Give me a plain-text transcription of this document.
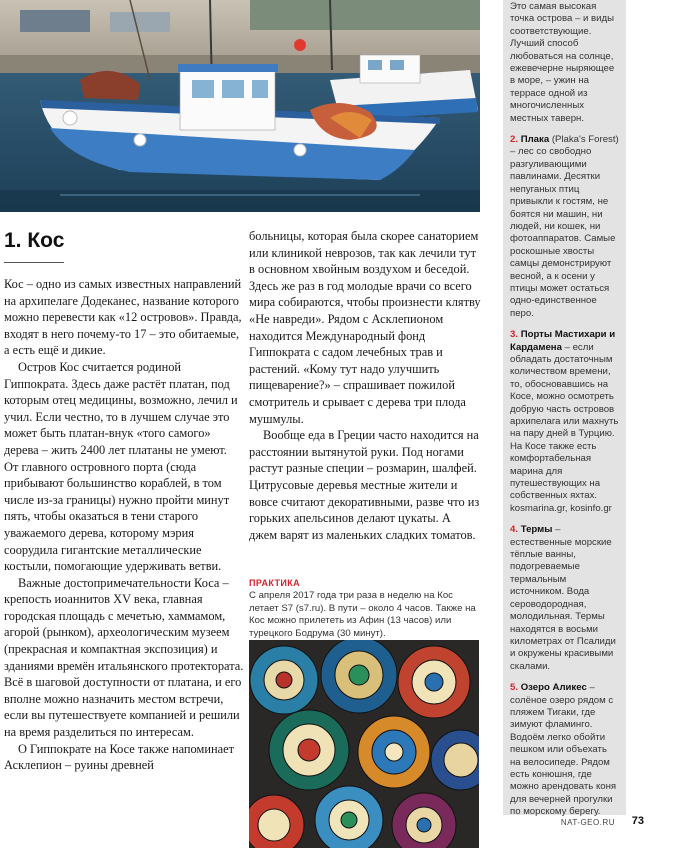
1. Кос

Кос – одно из самых известных направлений на архипелаге Додеканес, название которого можно перевести как «12 островов». Правда, входят в него почему-то 17 – это обитаемые, а есть ещё и дикие.

Остров Кос считается родиной Гиппократа. Здесь даже растёт платан, под которым отец медицины, возможно, лечил и учил. Если честно, то в лучшем случае это может быть платан-внук «того самого» дерева – жить 2400 лет платаны не умеют. От главного островного порта (сюда прибывают большинство кораблей, в том числе из-за границы) нужно пройти минут пять, чтобы оказаться в тени старого уважаемого дерева, которому мэрия соорудила гигантские металлические костыли, помогающие удерживать ветви.

Важные достопримечательности Коса – крепость иоаннитов XV века, главная городская площадь с мечетью, хаммамом, агорой (рынком), археологическим музеем (прекрасная и компактная экспозиция) и зданиями времён итальянского протектората. Всё в шаговой доступности от платана, и его вполне можно назначить местом встречи, если вы путешествуете компанией и решили на время разделиться по интересам.

О Гиппократе на Косе также напоминает Асклепион – руины древней

больницы, которая была скорее санаторием или клиникой неврозов, так как лечили тут в основном хвойным воздухом и беседой. Здесь же раз в год молодые врачи со всего мира собираются, чтобы произнести клятву «Не навреди». Рядом с Асклепионом находится Международный фонд Гиппократа с садом лечебных трав и растений. «Кому тут надо улучшить пищеварение?» – спрашивает пожилой смотритель и срывает с дерева три плода мушмулы.

Вообще еда в Греции часто находится на расстоянии вытянутой руки. Под ногами растут разные специи – розмарин, шалфей. Цитрусовые деревья местные жители и вовсе считают декоративными, разве что из горьких апельсинов делают цукаты. А джем варят из маленьких сладких томатов.

ПРАКТИКА
С апреля 2017 года три раза в неделю на Кос летает S7 (s7.ru). В пути – около 4 часов. Также на Кос можно прилететь из Афин (13 часов) или турецкого Бодрума (30 минут).
Это самая высокая точка острова – и виды соответствующие. Лучший способ любоваться на солнце, ежевечерне ныряющее в море, – ужин на террасе одной из многочисленных местных таверн.
2. Плака (Plaka's Forest) – лес со свободно разгуливающими павлинами. Десятки непуганых птиц привыкли к гостям, не боятся ни машин, ни людей, ни кошек, ни фотоаппаратов. Самые роскошные хвосты самцы демонстрируют весной, а к осени у птицы может остаться одно-единственное перо.
3. Порты Мастихари и Кардамена – если обладать достаточным количеством времени, то, обосновавшись на Косе, можно осмотреть добрую часть островов архипелага или махнуть на пару дней в Турцию. На Косе также есть комфортабельная марина для путешествующих на собственных яхтах. kosmarina.gr, kosinfo.gr
4. Термы – естественные морские тёплые ванны, подогреваемые термальным источником. Вода сероводородная, молодильная. Термы находятся в восьми километрах от Псалиди и окружены красивыми скалами.
5. Озеро Аликес – солёное озеро рядом с пляжем Тигаки, где зимуют фламинго. Водоём легко обойти пешком или объехать на велосипеде. Рядом есть конюшня, где можно арендовать коня для вечерней прогулки по морскому берегу.
NAT-GEO.RU 73
